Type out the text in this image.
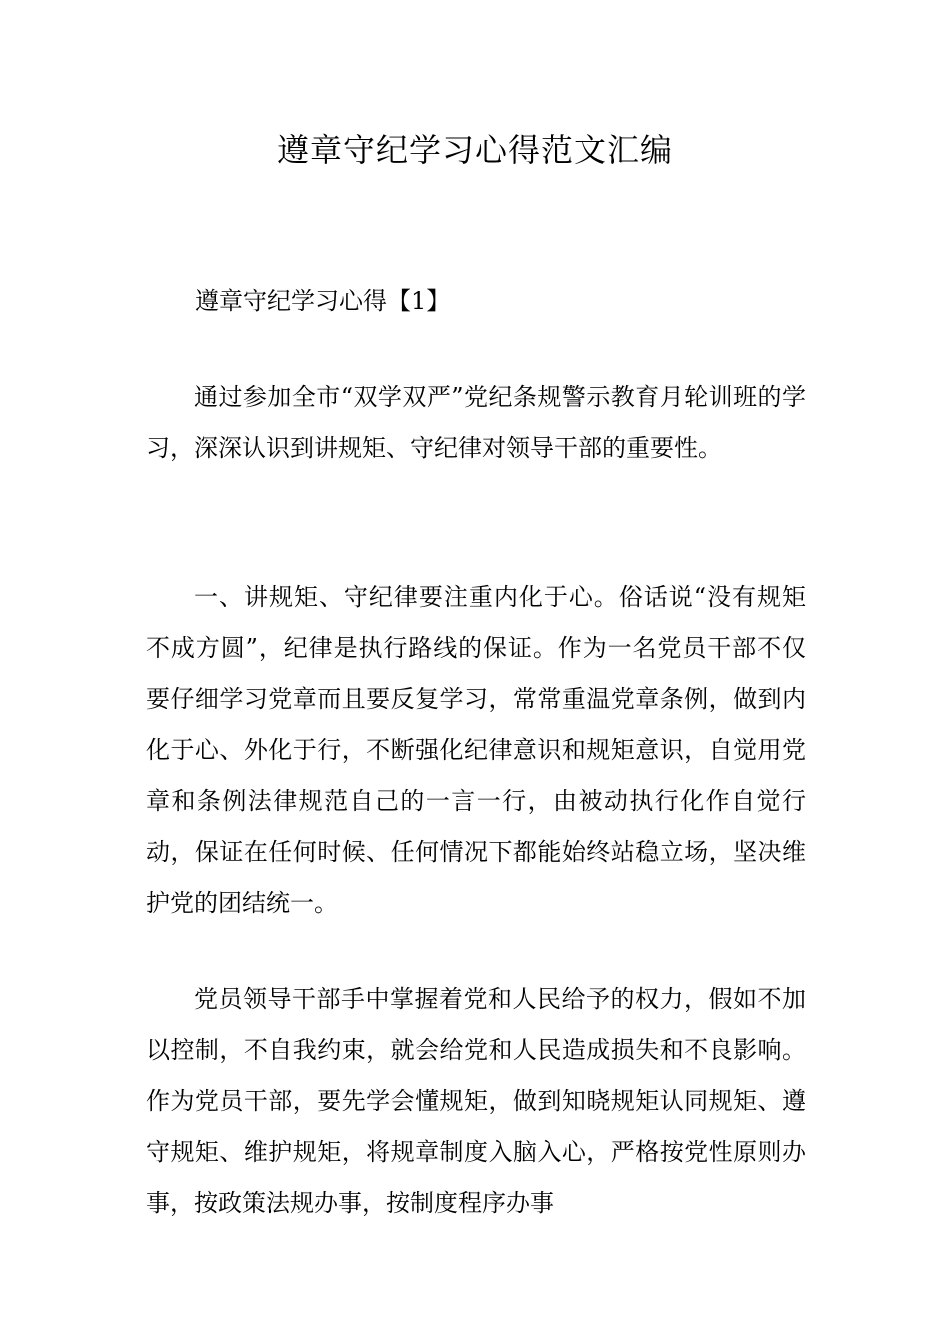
遵章守纪学习心得范文汇编
遵章守纪学习心得【1】

通过参加全市“双学双严”党纪条规警示教育月轮训班的学习，深深认识到讲规矩、守纪律对领导干部的重要性。

一、讲规矩、守纪律要注重内化于心。俗话说“没有规矩不成方圆”，纪律是执行路线的保证。作为一名党员干部不仅要仔细学习党章而且要反复学习，常常重温党章条例，做到内化于心、外化于行，不断强化纪律意识和规矩意识，自觉用党章和条例法律规范自己的一言一行，由被动执行化作自觉行动，保证在任何时候、任何情况下都能始终站稳立场，坚决维护党的团结统一。

党员领导干部手中掌握着党和人民给予的权力，假如不加以控制，不自我约束，就会给党和人民造成损失和不良影响。作为党员干部，要先学会懂规矩，做到知晓规矩认同规矩、遵守规矩、维护规矩，将规章制度入脑入心，严格按党性原则办事，按政策法规办事，按制度程序办事
